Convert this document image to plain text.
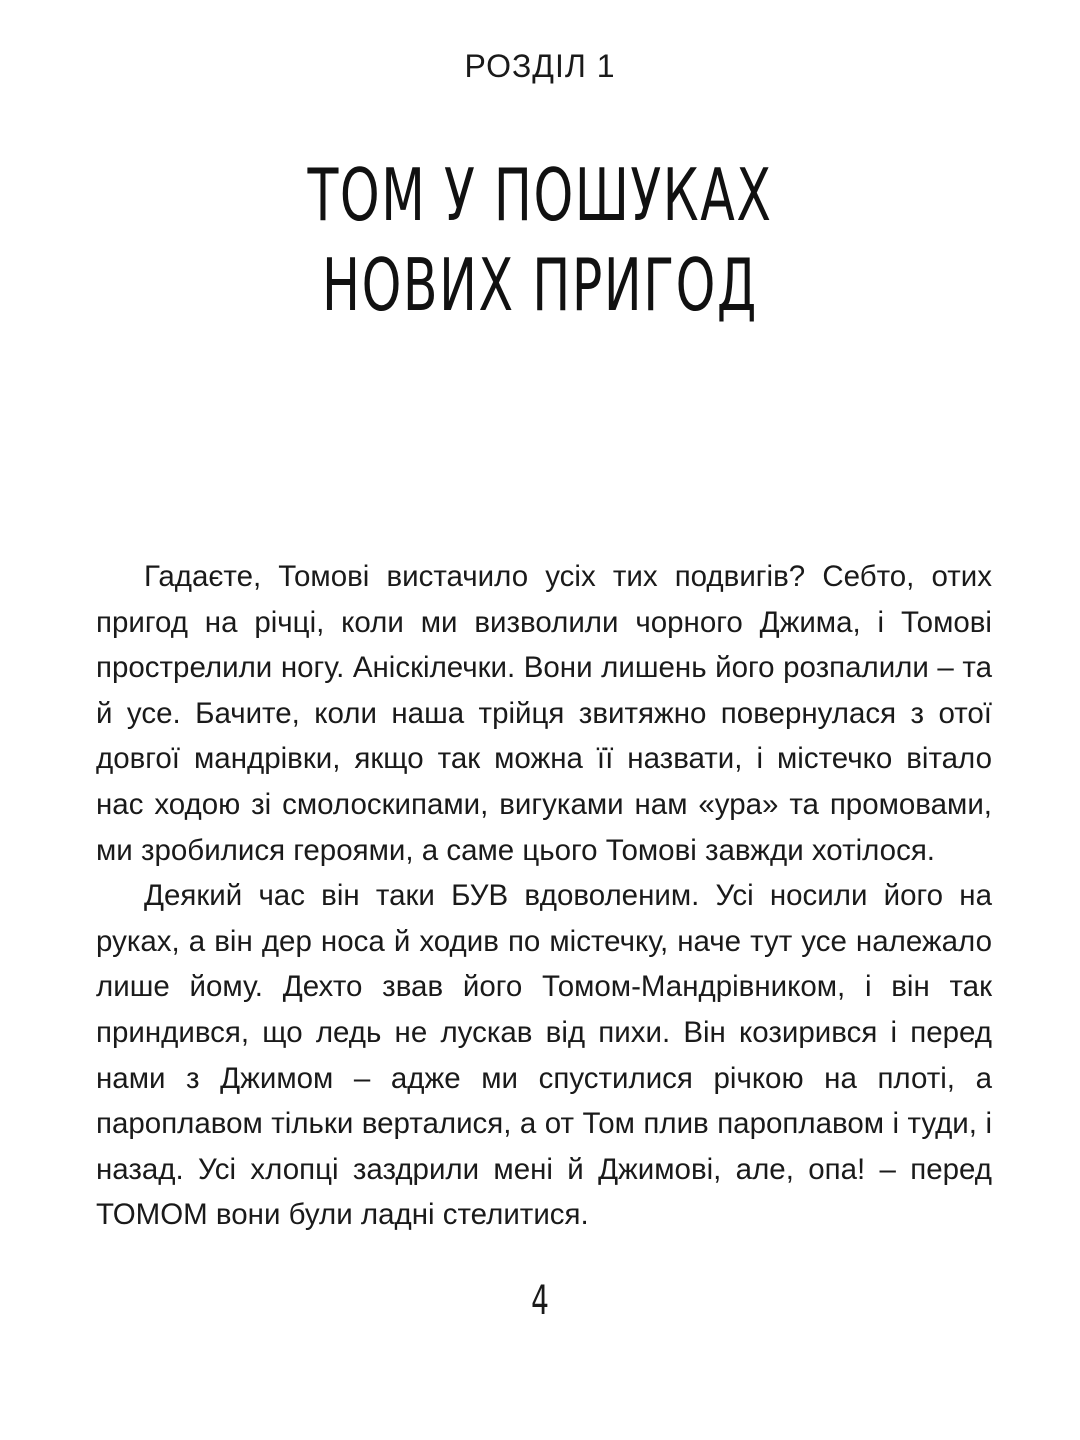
РОЗДІЛ 1
ТОМ У ПОШУКАХ
НОВИХ ПРИГОД

Гадаєте, Томові вистачило усіх тих подвигів? Себто, отих пригод на річці, коли ми визволили чорного Джима, і Томові прострелили ногу. Аніскілечки. Вони лишень його розпалили – та й усе. Бачите, коли наша трійця звитяжно повернулася з отої довгої мандрівки, якщо так можна її назвати, і містечко вітало нас ходою зі смолоскипами, вигуками нам «ура» та промовами, ми зробилися героями, а саме цього Томові завжди хотілося.

Деякий час він таки БУВ вдоволеним. Усі носили його на руках, а він дер носа й ходив по містечку, наче тут усе належало лише йому. Дехто звав його Томом-Мандрівником, і він так приндився, що ледь не лускав від пихи. Він козирився і перед нами з Джимом – адже ми спустилися річкою на плоті, а пароплавом тільки верталися, а от Том плив пароплавом і туди, і назад. Усі хлопці заздрили мені й Джимові, але, опа! – перед ТОМОМ вони були ладні стелитися.

4
